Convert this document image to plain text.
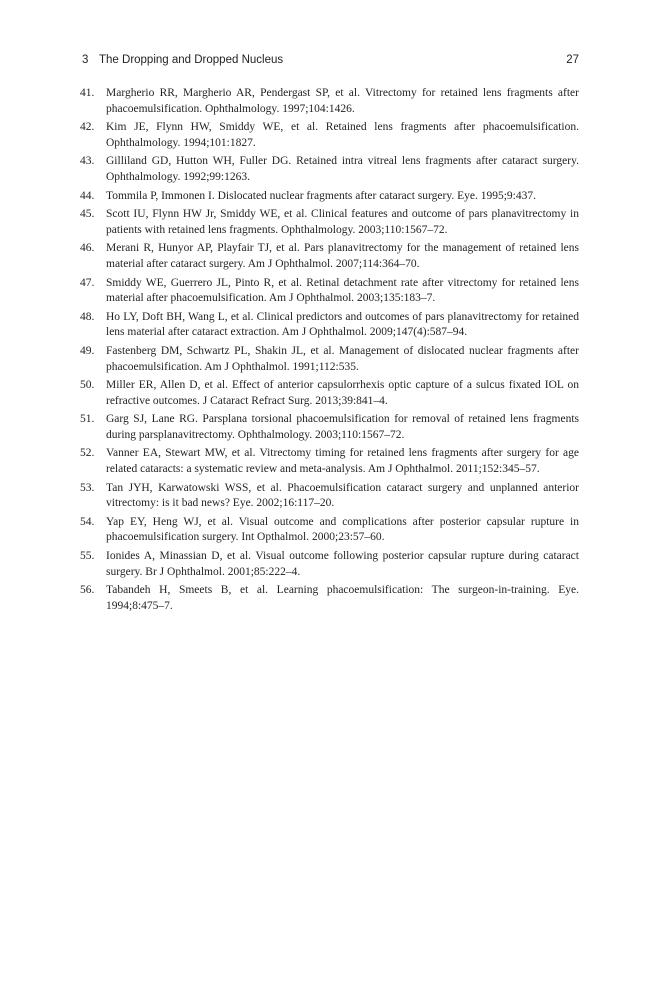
3 The Dropping and Dropped Nucleus	27
41.	Margherio RR, Margherio AR, Pendergast SP, et al. Vitrectomy for retained lens fragments after phacoemulsification. Ophthalmology. 1997;104:1426.
42.	Kim JE, Flynn HW, Smiddy WE, et al. Retained lens fragments after phacoemulsification. Ophthalmology. 1994;101:1827.
43.	Gilliland GD, Hutton WH, Fuller DG. Retained intra vitreal lens fragments after cataract surgery. Ophthalmology. 1992;99:1263.
44.	Tommila P, Immonen I. Dislocated nuclear fragments after cataract surgery. Eye. 1995;9:437.
45.	Scott IU, Flynn HW Jr, Smiddy WE, et al. Clinical features and outcome of pars planavitrectomy in patients with retained lens fragments. Ophthalmology. 2003;110:1567–72.
46.	Merani R, Hunyor AP, Playfair TJ, et al. Pars planavitrectomy for the management of retained lens material after cataract surgery. Am J Ophthalmol. 2007;114:364–70.
47.	Smiddy WE, Guerrero JL, Pinto R, et al. Retinal detachment rate after vitrectomy for retained lens material after phacoemulsification. Am J Ophthalmol. 2003;135:183–7.
48.	Ho LY, Doft BH, Wang L, et al. Clinical predictors and outcomes of pars planavitrectomy for retained lens material after cataract extraction. Am J Ophthalmol. 2009;147(4):587–94.
49.	Fastenberg DM, Schwartz PL, Shakin JL, et al. Management of dislocated nuclear fragments after phacoemulsification. Am J Ophthalmol. 1991;112:535.
50.	Miller ER, Allen D, et al. Effect of anterior capsulorrhexis optic capture of a sulcus fixated IOL on refractive outcomes. J Cataract Refract Surg. 2013;39:841–4.
51.	Garg SJ, Lane RG. Parsplana torsional phacoemulsification for removal of retained lens fragments during parsplanavitrectomy. Ophthalmology. 2003;110:1567–72.
52.	Vanner EA, Stewart MW, et al. Vitrectomy timing for retained lens fragments after surgery for age related cataracts: a systematic review and meta-analysis. Am J Ophthalmol. 2011;152:345–57.
53.	Tan JYH, Karwatowski WSS, et al. Phacoemulsification cataract surgery and unplanned anterior vitrectomy: is it bad news? Eye. 2002;16:117–20.
54.	Yap EY, Heng WJ, et al. Visual outcome and complications after posterior capsular rupture in phacoemulsification surgery. Int Opthalmol. 2000;23:57–60.
55.	Ionides A, Minassian D, et al. Visual outcome following posterior capsular rupture during cataract surgery. Br J Ophthalmol. 2001;85:222–4.
56.	Tabandeh H, Smeets B, et al. Learning phacoemulsification: The surgeon-in-training. Eye. 1994;8:475–7.
